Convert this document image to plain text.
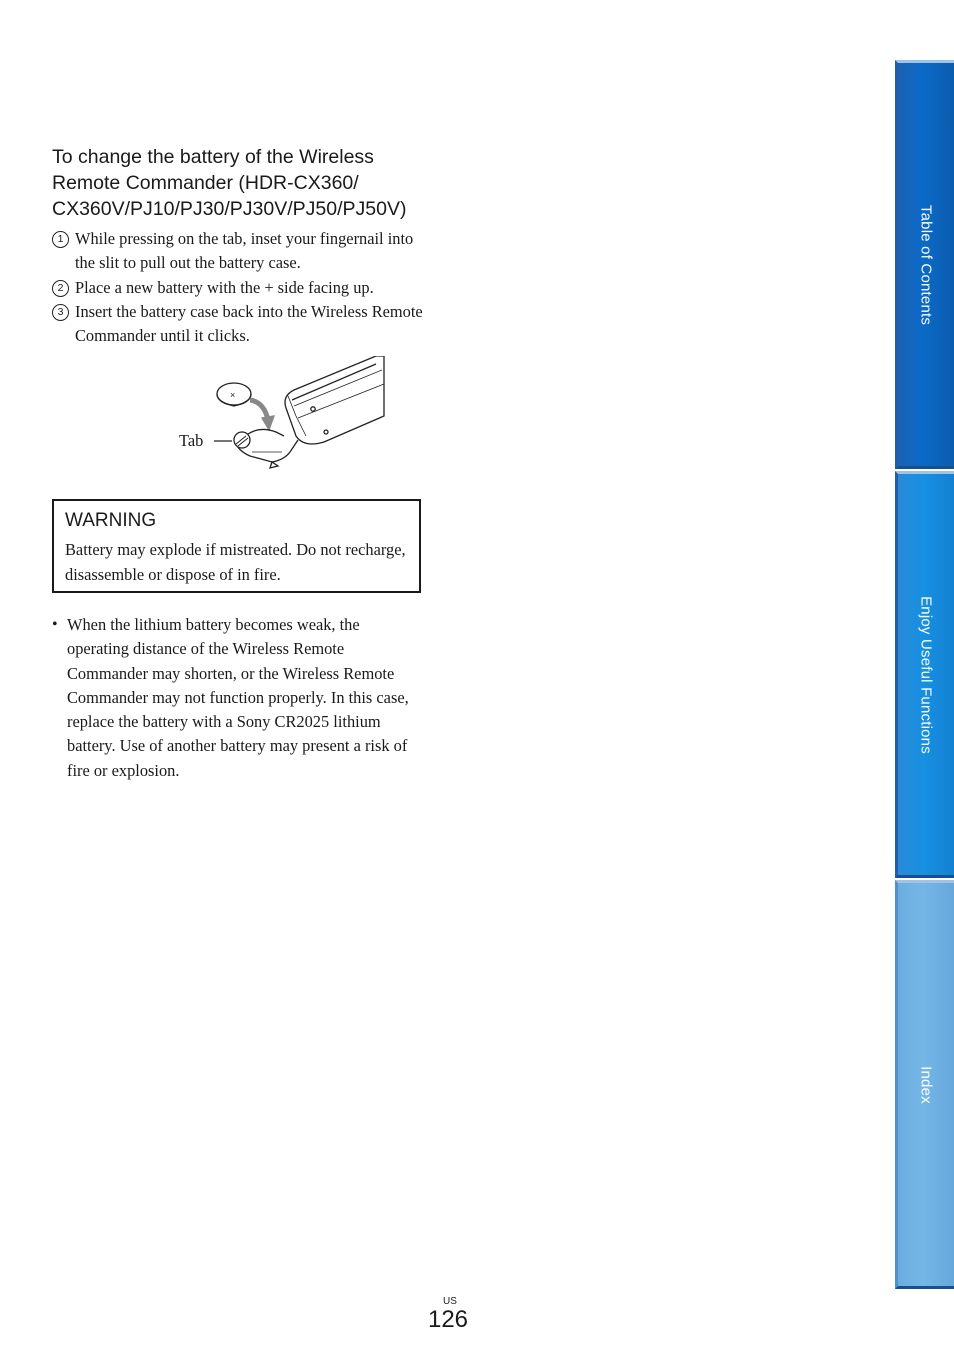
To change the battery of the Wireless Remote Commander (HDR-CX360/ CX360V/PJ10/PJ30/PJ30V/PJ50/PJ50V)
1 While pressing on the tab, inset your fingernail into the slit to pull out the battery case.
2 Place a new battery with the + side facing up.
3 Insert the battery case back into the Wireless Remote Commander until it clicks.
Tab
×
WARNING
Battery may explode if mistreated. Do not recharge, disassemble or dispose of in fire.
• When the lithium battery becomes weak, the operating distance of the Wireless Remote Commander may shorten, or the Wireless Remote Commander may not function properly. In this case, replace the battery with a Sony CR2025 lithium battery. Use of another battery may present a risk of fire or explosion.
Table of Contents
Enjoy Useful Functions
Index
US
126
